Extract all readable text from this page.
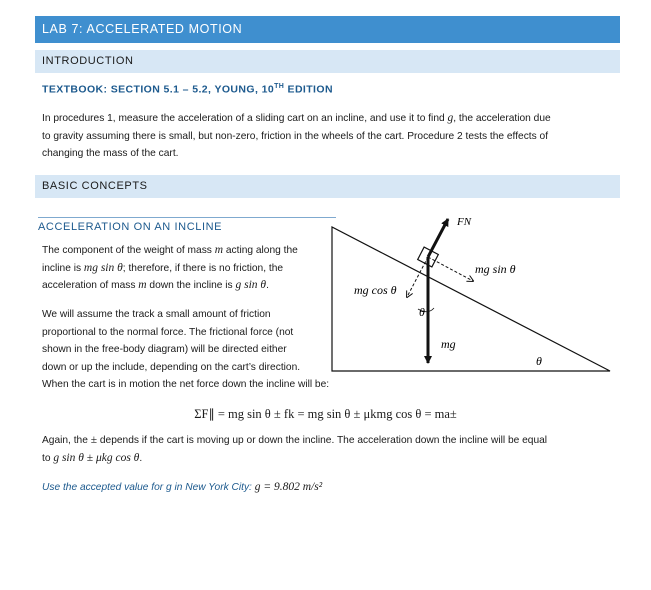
LAB 7: ACCELERATED MOTION
INTRODUCTION
TEXTBOOK: SECTION 5.1 – 5.2, YOUNG, 10TH EDITION
In procedures 1, measure the acceleration of a sliding cart on an incline, and use it to find g, the acceleration due
to gravity assuming there is small, but non-zero, friction in the wheels of the cart. Procedure 2 tests the effects of
changing the mass of the cart.
BASIC CONCEPTS
ACCELERATION ON AN INCLINE
The component of the weight of mass m acting along the
incline is mg sin θ; therefore, if there is no friction, the
acceleration of mass m down the incline is g sin θ.
We will assume the track a small amount of friction
proportional to the normal force. The frictional force (not
shown in the free-body diagram) will be directed either
down or up the include, depending on the cart’s direction.
When the cart is in motion the net force down the incline will be:
FN
mg sin θ
mg cos θ
θ
mg
θ
ΣF∥ = mg sin θ ± fk = mg sin θ ± μkmg cos θ = ma±
Again, the ± depends if the cart is moving up or down the incline. The acceleration down the incline will be equal
to g sin θ ± μkg cos θ.
Use the accepted value for g in New York City: g = 9.802 m/s²
